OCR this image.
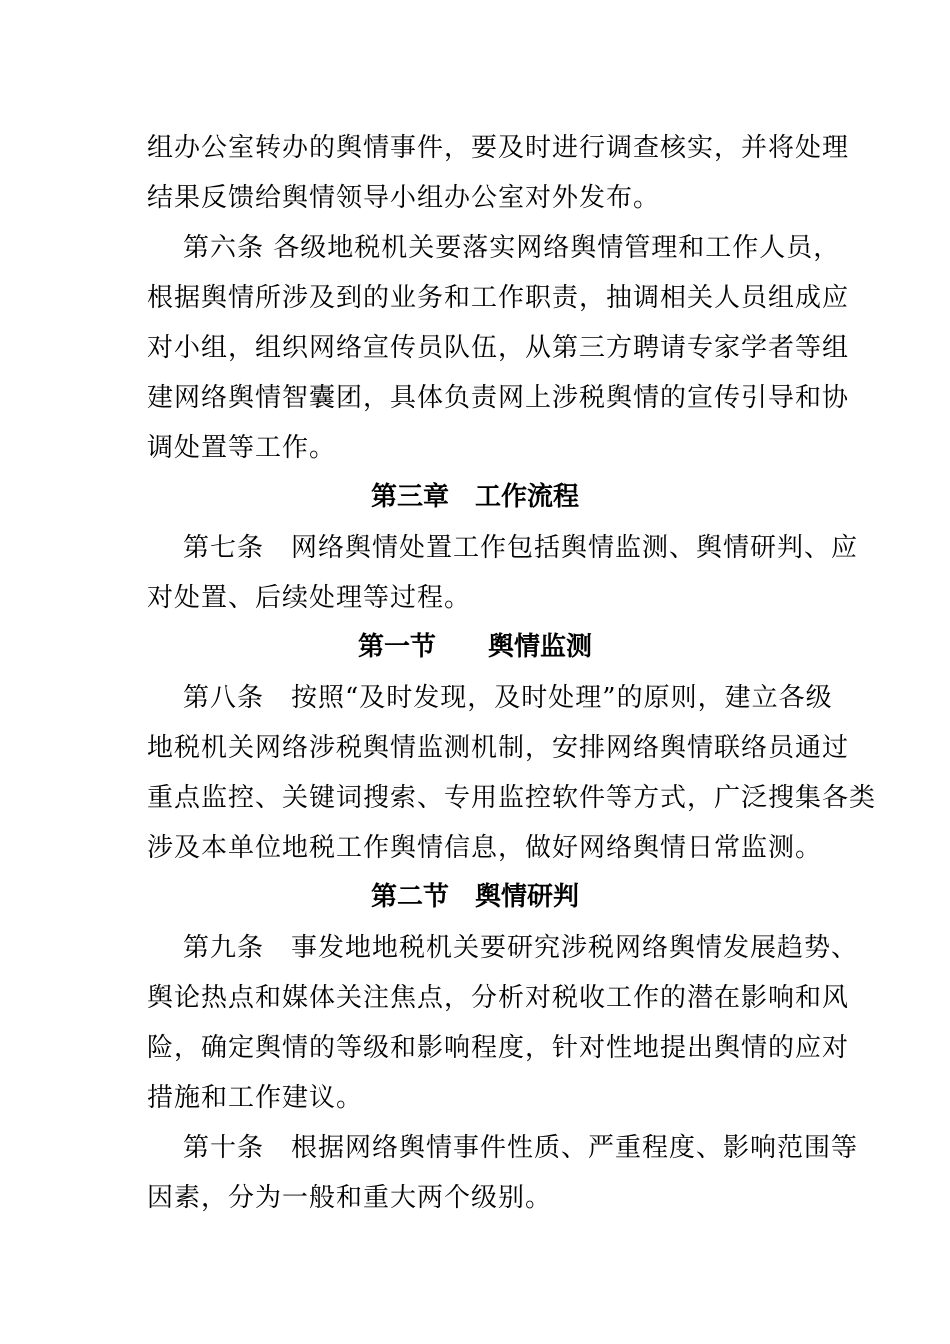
组办公室转办的舆情事件，要及时进行调查核实，并将处理
结果反馈给舆情领导小组办公室对外发布。
第六条 各级地税机关要落实网络舆情管理和工作人员，
根据舆情所涉及到的业务和工作职责，抽调相关人员组成应
对小组，组织网络宣传员队伍，从第三方聘请专家学者等组
建网络舆情智囊团，具体负责网上涉税舆情的宣传引导和协
调处置等工作。
第三章　工作流程
第七条　网络舆情处置工作包括舆情监测、舆情研判、应
对处置、后续处理等过程。
第一节　　舆情监测
第八条　按照“及时发现，及时处理”的原则，建立各级
地税机关网络涉税舆情监测机制，安排网络舆情联络员通过
重点监控、关键词搜索、专用监控软件等方式，广泛搜集各类
涉及本单位地税工作舆情信息，做好网络舆情日常监测。
第二节　舆情研判
第九条　事发地地税机关要研究涉税网络舆情发展趋势、
舆论热点和媒体关注焦点，分析对税收工作的潜在影响和风
险，确定舆情的等级和影响程度，针对性地提出舆情的应对
措施和工作建议。
第十条　根据网络舆情事件性质、严重程度、影响范围等
因素，分为一般和重大两个级别。
